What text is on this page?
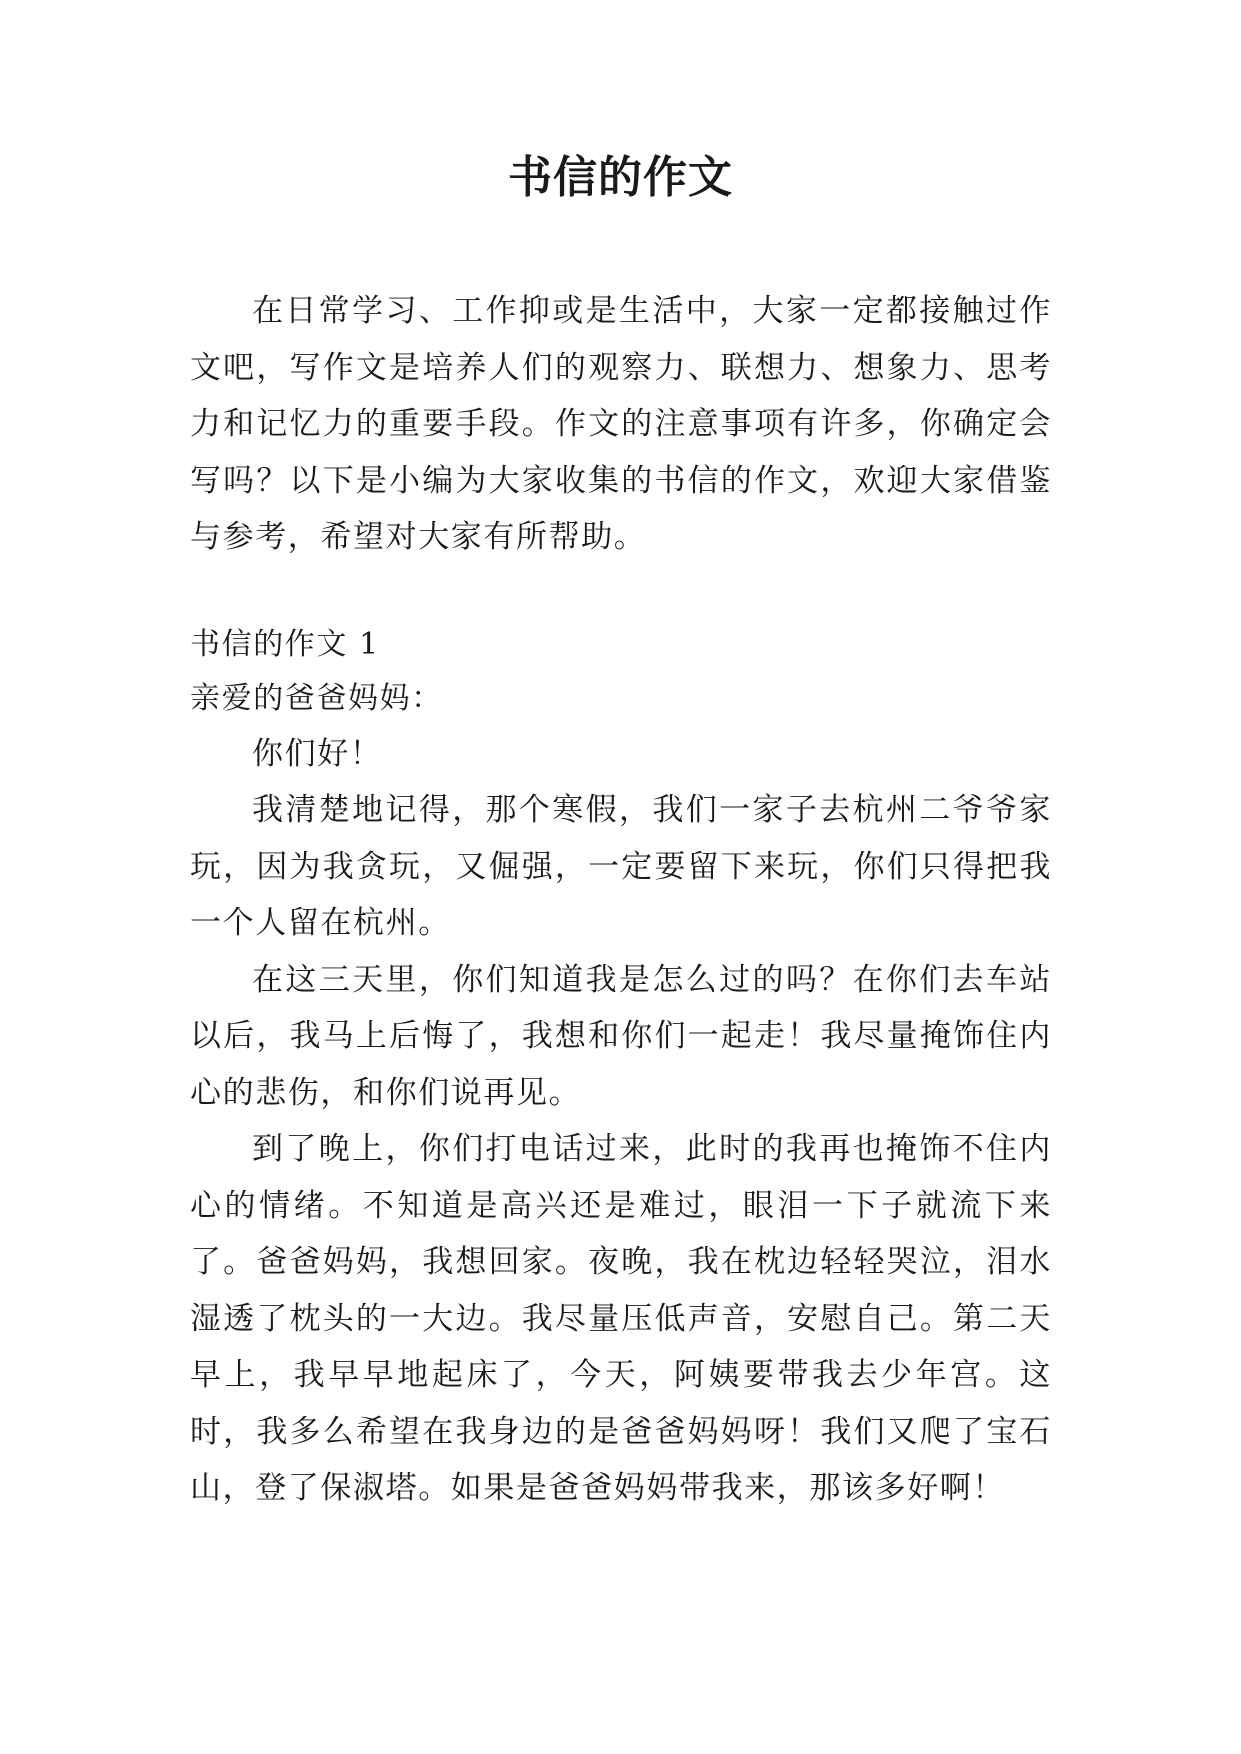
书信的作文

在日常学习、工作抑或是生活中，大家一定都接触过作文吧，写作文是培养人们的观察力、联想力、想象力、思考力和记忆力的重要手段。作文的注意事项有许多，你确定会写吗？以下是小编为大家收集的书信的作文，欢迎大家借鉴与参考，希望对大家有所帮助。

书信的作文 1

亲爱的爸爸妈妈：

你们好！

我清楚地记得，那个寒假，我们一家子去杭州二爷爷家玩，因为我贪玩，又倔强，一定要留下来玩，你们只得把我一个人留在杭州。

在这三天里，你们知道我是怎么过的吗？在你们去车站以后，我马上后悔了，我想和你们一起走！我尽量掩饰住内心的悲伤，和你们说再见。

到了晚上，你们打电话过来，此时的我再也掩饰不住内心的情绪。不知道是高兴还是难过，眼泪一下子就流下来了。爸爸妈妈，我想回家。夜晚，我在枕边轻轻哭泣，泪水湿透了枕头的一大边。我尽量压低声音，安慰自己。第二天早上，我早早地起床了，今天，阿姨要带我去少年宫。这时，我多么希望在我身边的是爸爸妈妈呀！我们又爬了宝石山，登了保淑塔。如果是爸爸妈妈带我来，那该多好啊！
